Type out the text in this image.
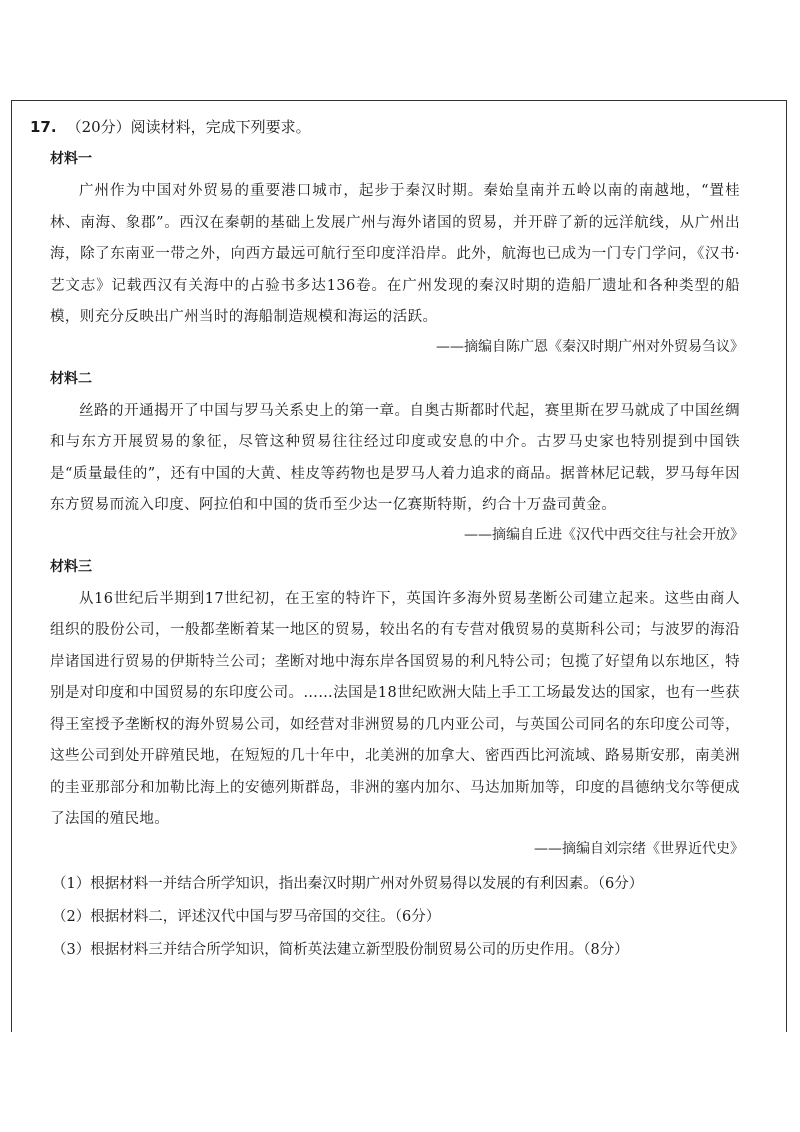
17. （20分）阅读材料，完成下列要求。

材料一

广州作为中国对外贸易的重要港口城市，起步于秦汉时期。秦始皇南并五岭以南的南越地，“置桂林、南海、象郡”。西汉在秦朝的基础上发展广州与海外诸国的贸易，并开辟了新的远洋航线，从广州出海，除了东南亚一带之外，向西方最远可航行至印度洋沿岸。此外，航海也已成为一门专门学问，《汉书·艺文志》记载西汉有关海中的占验书多达136卷。在广州发现的秦汉时期的造船厂遗址和各种类型的船模，则充分反映出广州当时的海船制造规模和海运的活跃。

——摘编自陈广恩《秦汉时期广州对外贸易刍议》

材料二

丝路的开通揭开了中国与罗马关系史上的第一章。自奥古斯都时代起，赛里斯在罗马就成了中国丝绸和与东方开展贸易的象征，尽管这种贸易往往经过印度或安息的中介。古罗马史家也特别提到中国铁是“质量最佳的”，还有中国的大黄、桂皮等药物也是罗马人着力追求的商品。据普林尼记载，罗马每年因东方贸易而流入印度、阿拉伯和中国的货币至少达一亿赛斯特斯，约合十万盎司黄金。

——摘编自丘进《汉代中西交往与社会开放》

材料三

从16世纪后半期到17世纪初，在王室的特许下，英国许多海外贸易垄断公司建立起来。这些由商人组织的股份公司，一般都垄断着某一地区的贸易，较出名的有专营对俄贸易的莫斯科公司；与波罗的海沿岸诸国进行贸易的伊斯特兰公司；垄断对地中海东岸各国贸易的利凡特公司；包揽了好望角以东地区，特别是对印度和中国贸易的东印度公司。……法国是18世纪欧洲大陆上手工工场最发达的国家，也有一些获得王室授予垄断权的海外贸易公司，如经营对非洲贸易的几内亚公司，与英国公司同名的东印度公司等，这些公司到处开辟殖民地，在短短的几十年中，北美洲的加拿大、密西西比河流域、路易斯安那，南美洲的圭亚那部分和加勒比海上的安德列斯群岛，非洲的塞内加尔、马达加斯加等，印度的昌德纳戈尔等便成了法国的殖民地。

——摘编自刘宗绪《世界近代史》

（1）根据材料一并结合所学知识，指出秦汉时期广州对外贸易得以发展的有利因素。（6分）

（2）根据材料二，评述汉代中国与罗马帝国的交往。（6分）

（3）根据材料三并结合所学知识，简析英法建立新型股份制贸易公司的历史作用。（8分）
